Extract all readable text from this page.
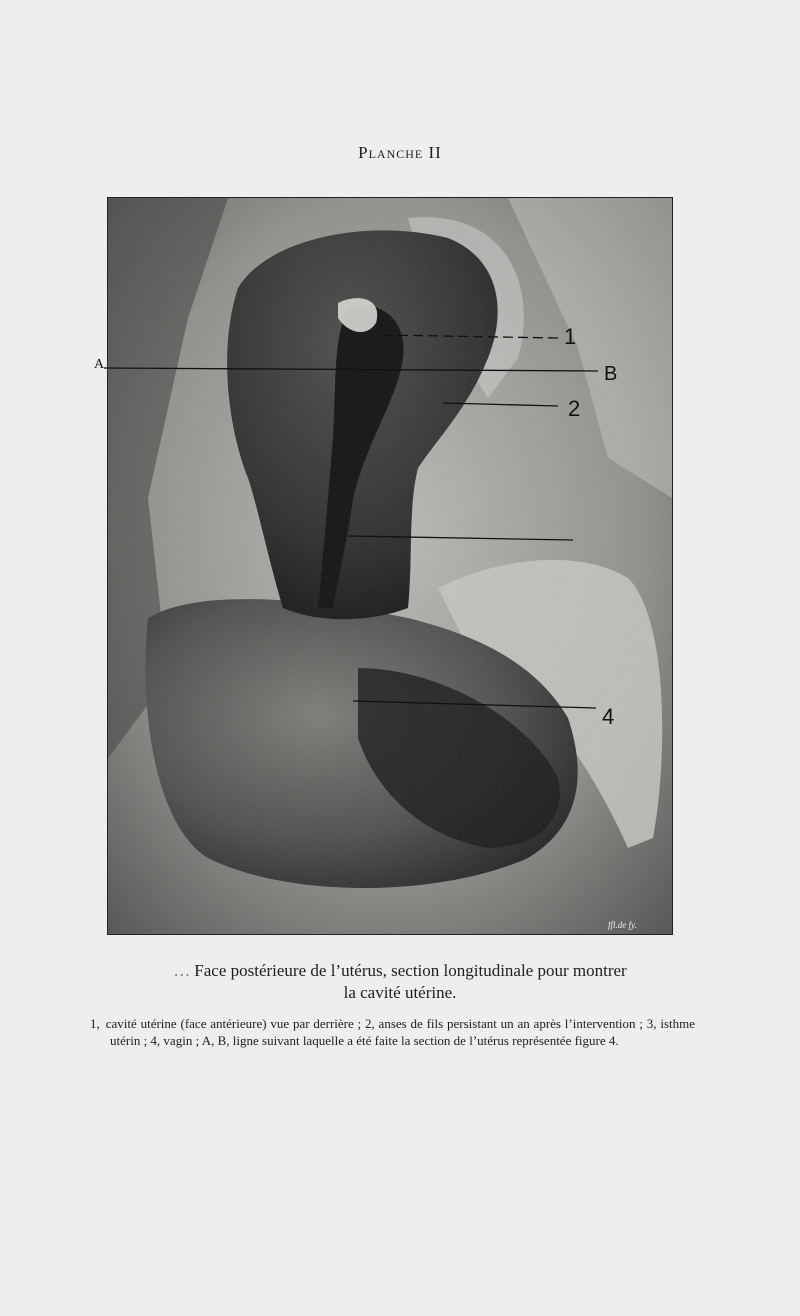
Planche II
A	B
1
2
4
ffl.de fy.
… Face postérieure de l’utérus, section longitudinale pour montrer
la cavité utérine.
1, cavité utérine (face antérieure) vue par derrière ; 2, anses de fils persistant un an après l’intervention ; 3, isthme utérin ; 4, vagin ; A, B, ligne suivant laquelle a été faite la section de l’utérus représentée figure 4.
